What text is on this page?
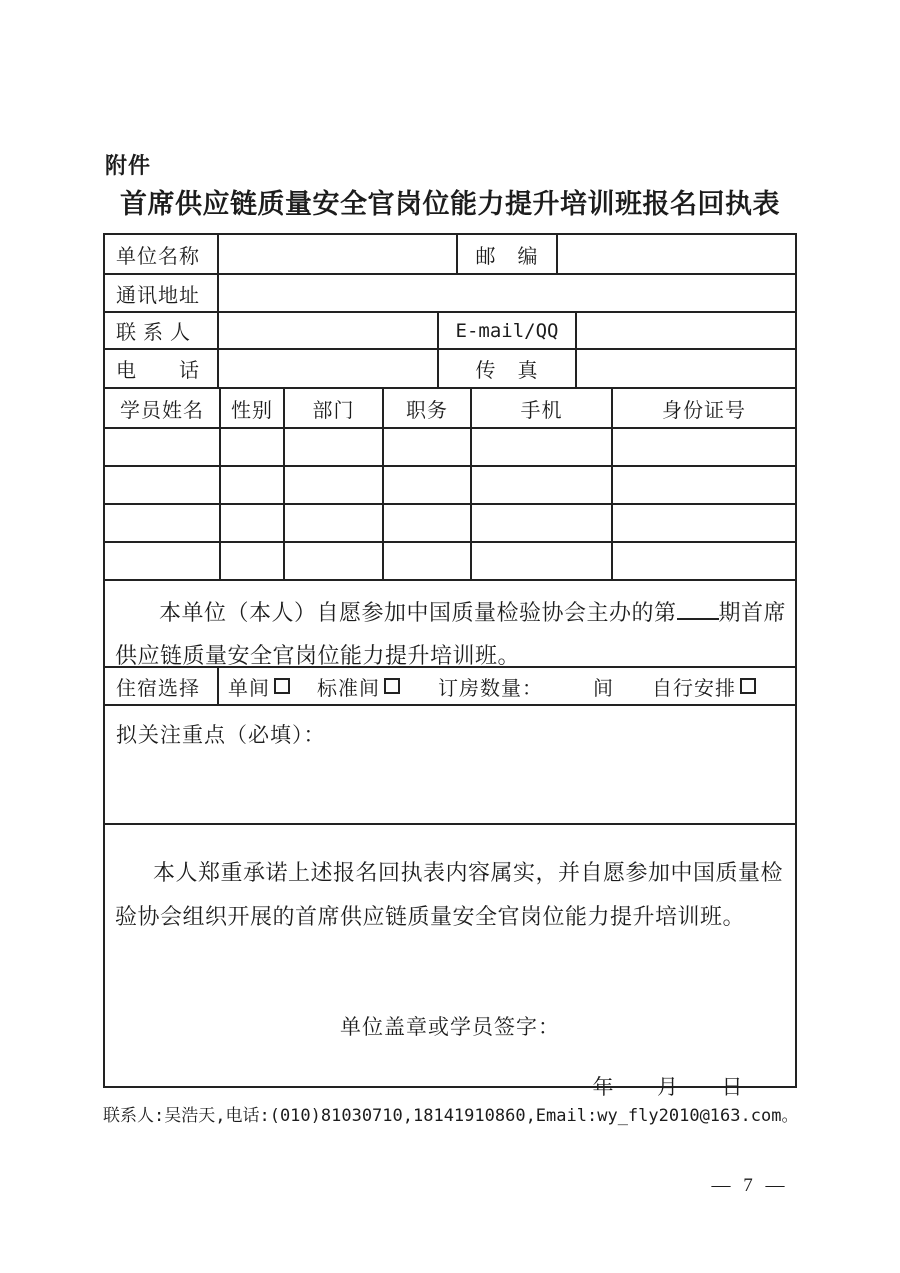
附件
首席供应链质量安全官岗位能力提升培训班报名回执表
单位名称	邮　编
通讯地址
联 系 人	E-mail/QQ
电　　话	传　真
学员姓名	性别	部门	职务	手机	身份证号
本单位（本人）自愿参加中国质量检验协会主办的第 期首席
供应链质量安全官岗位能力提升培训班。
住宿选择	单间 标准间	订房数量：	间 自行安排
拟关注重点（必填）：
本人郑重承诺上述报名回执表内容属实，并自愿参加中国质量检
验协会组织开展的首席供应链质量安全官岗位能力提升培训班。
单位盖章或学员签字：
年　　月　　日
联系人:吴浩天,电话:(010)81030710,18141910860,Email:wy_fly2010@163.com。
— 7 —
